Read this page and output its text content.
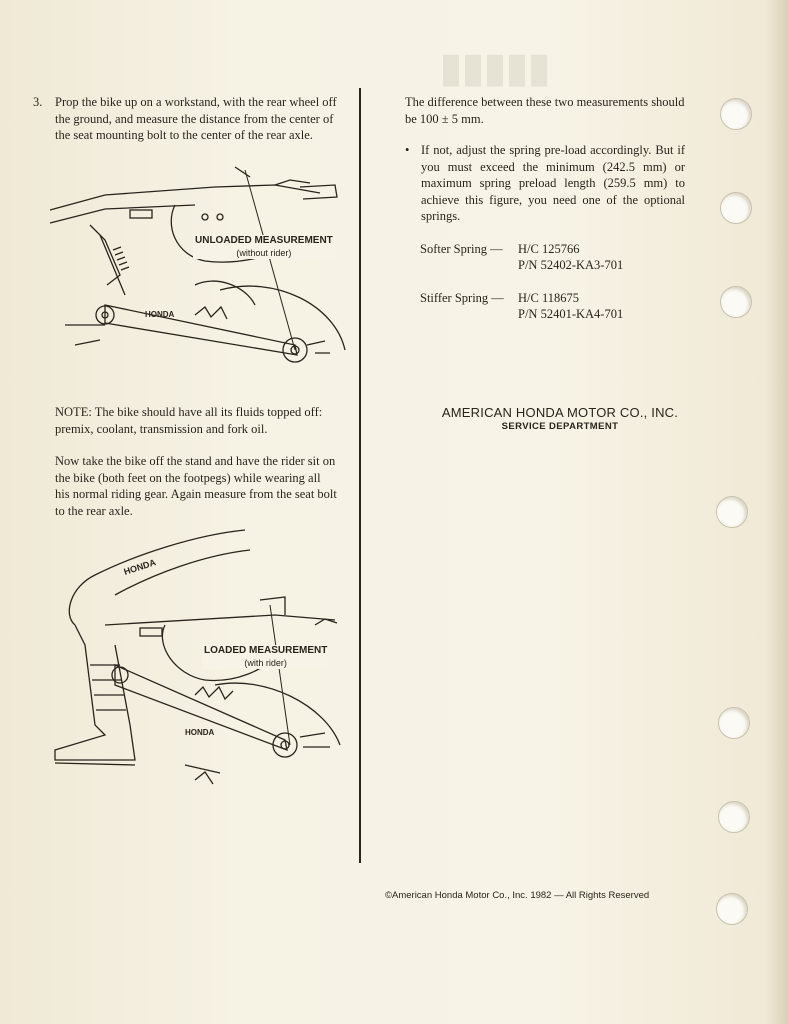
▮▮▮▮▮
3.	Prop the bike up on a workstand, with the rear wheel off the ground, and measure the distance from the center of the seat mounting bolt to the center of the rear axle.
HONDA
UNLOADED MEASUREMENT
(without rider)
NOTE: The bike should have all its fluids topped off: premix, coolant, transmission and fork oil.
Now take the bike off the stand and have the rider sit on the bike (both feet on the footpegs) while wearing all his normal riding gear. Again measure from the seat bolt to the rear axle.
HONDA
HONDA
LOADED MEASUREMENT
(with rider)
The difference between these two measurements should be 100 ± 5 mm.
• If not, adjust the spring pre-load accordingly. But if you must exceed the minimum (242.5 mm) or maximum spring preload length (259.5 mm) to achieve this figure, you need one of the optional springs.
Softer Spring —	H/C 125766
P/N 52402-KA3-701
Stiffer Spring —	H/C 118675
P/N 52401-KA4-701
AMERICAN HONDA MOTOR CO., INC.
SERVICE DEPARTMENT
©American Honda Motor Co., Inc. 1982 — All Rights Reserved
